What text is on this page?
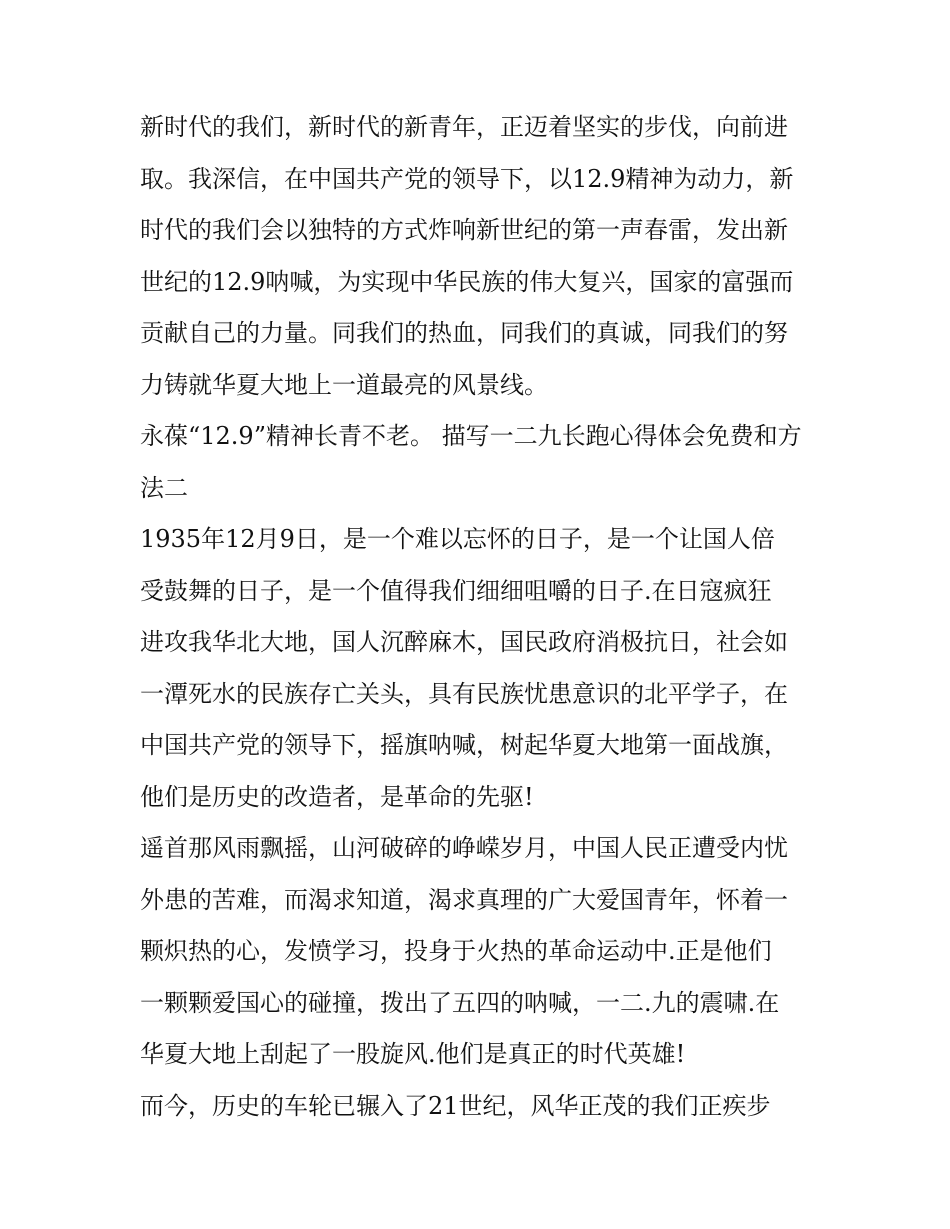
新时代的我们，新时代的新青年，正迈着坚实的步伐，向前进
取。我深信，在中国共产党的领导下，以12.9精神为动力，新
时代的我们会以独特的方式炸响新世纪的第一声春雷，发出新
世纪的12.9呐喊，为实现中华民族的伟大复兴，国家的富强而
贡献自己的力量。同我们的热血，同我们的真诚，同我们的努
力铸就华夏大地上一道最亮的风景线。
永葆“12.9”精神长青不老。 描写一二九长跑心得体会免费和方
法二
1935年12月9日，是一个难以忘怀的日子，是一个让国人倍
受鼓舞的日子，是一个值得我们细细咀嚼的日子.在日寇疯狂
进攻我华北大地，国人沉醉麻木，国民政府消极抗日，社会如
一潭死水的民族存亡关头，具有民族忧患意识的北平学子，在
中国共产党的领导下，摇旗呐喊，树起华夏大地第一面战旗，
他们是历史的改造者，是革命的先驱!
遥首那风雨飘摇，山河破碎的峥嵘岁月，中国人民正遭受内忧
外患的苦难，而渴求知道，渴求真理的广大爱国青年，怀着一
颗炽热的心，发愤学习，投身于火热的革命运动中.正是他们
一颗颗爱国心的碰撞，拨出了五四的呐喊，一二.九的震啸.在
华夏大地上刮起了一股旋风.他们是真正的时代英雄!
而今，历史的车轮已辗入了21世纪，风华正茂的我们正疾步
